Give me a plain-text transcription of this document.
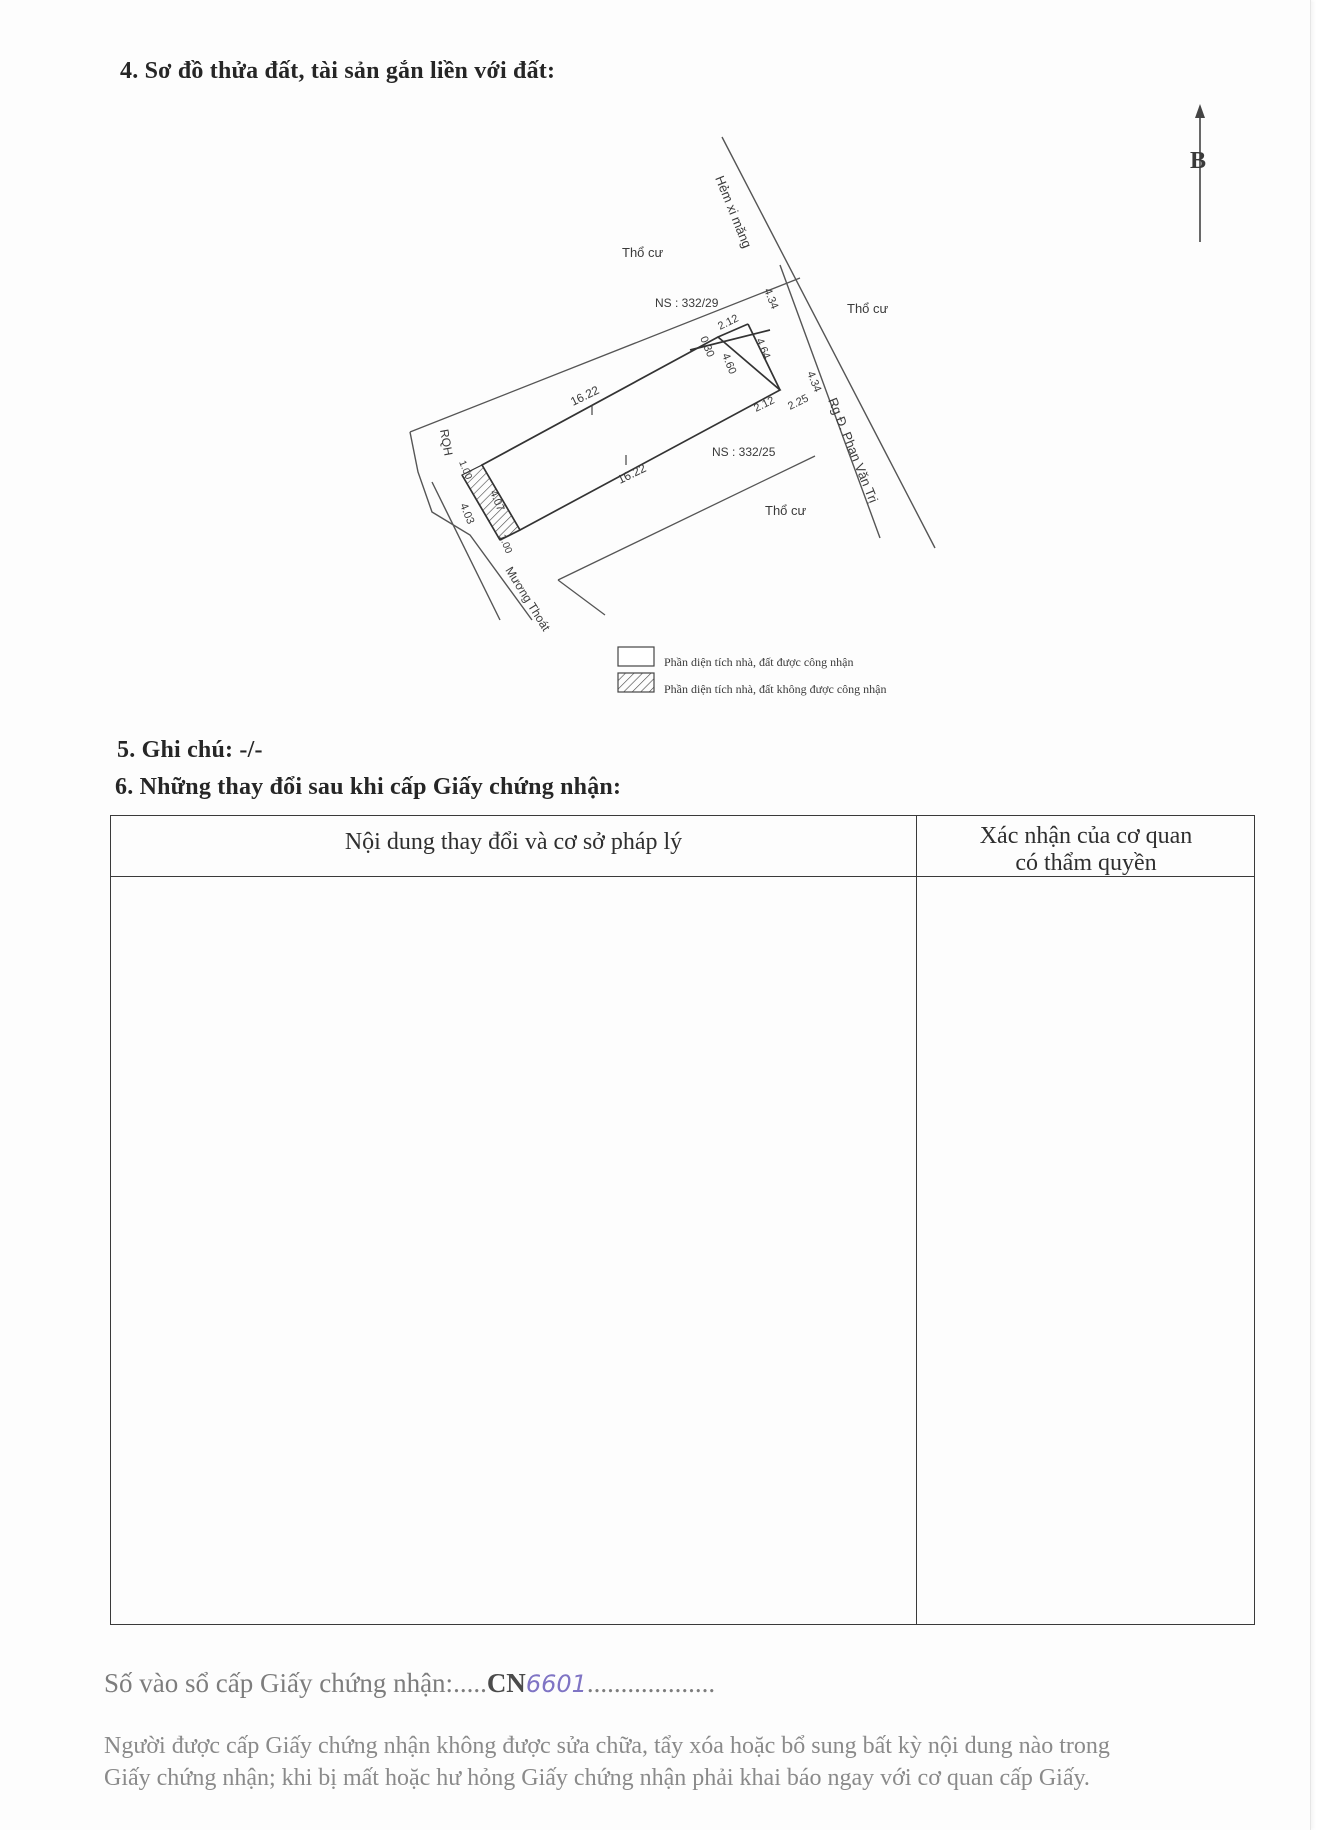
4. Sơ đồ thửa đất, tài sản gắn liền với đất:
B
Hẻm xi măng
Rg Đ. Phan Văn Trị
Mương Thoát
RQH
Thổ cư
Thổ cư
Thổ cư
NS : 332/29
NS : 332/25
16.22
16.22
4.34
4.34
2.12
2.12
4.64
4.60
0.30
2.25
4.07
4.03
1.00
1.00
Phần diện tích nhà, đất được công nhận
Phần diện tích nhà, đất không được công nhận
5. Ghi chú: -/-
6. Những thay đổi sau khi cấp Giấy chứng nhận:
Nội dung thay đổi và cơ sở pháp lý	Xác nhận của cơ quan
có thẩm quyền
Số vào sổ cấp Giấy chứng nhận:.....CN6601...................
Người được cấp Giấy chứng nhận không được sửa chữa, tẩy xóa hoặc bổ sung bất kỳ nội dung nào trong
Giấy chứng nhận; khi bị mất hoặc hư hỏng Giấy chứng nhận phải khai báo ngay với cơ quan cấp Giấy.
